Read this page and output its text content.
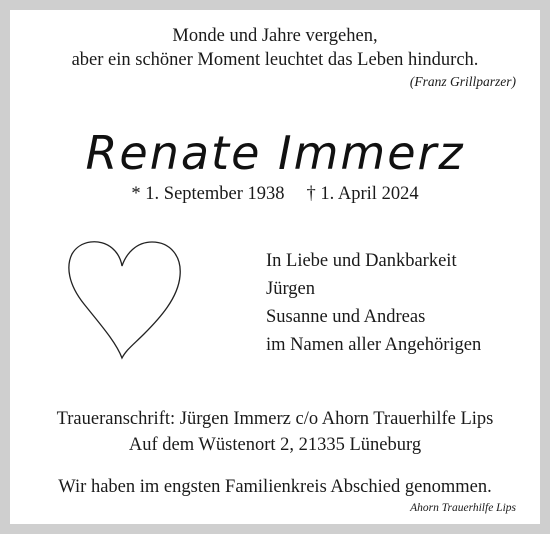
Monde und Jahre vergehen,
aber ein schöner Moment leuchtet das Leben hindurch.
(Franz Grillparzer)
Renate Immerz
* 1. September 1938 † 1. April 2024
In Liebe und Dankbarkeit
Jürgen
Susanne und Andreas
im Namen aller Angehörigen
Traueranschrift: Jürgen Immerz c/o Ahorn Trauerhilfe Lips
Auf dem Wüstenort 2, 21335 Lüneburg
Wir haben im engsten Familienkreis Abschied genommen.
Ahorn Trauerhilfe Lips
